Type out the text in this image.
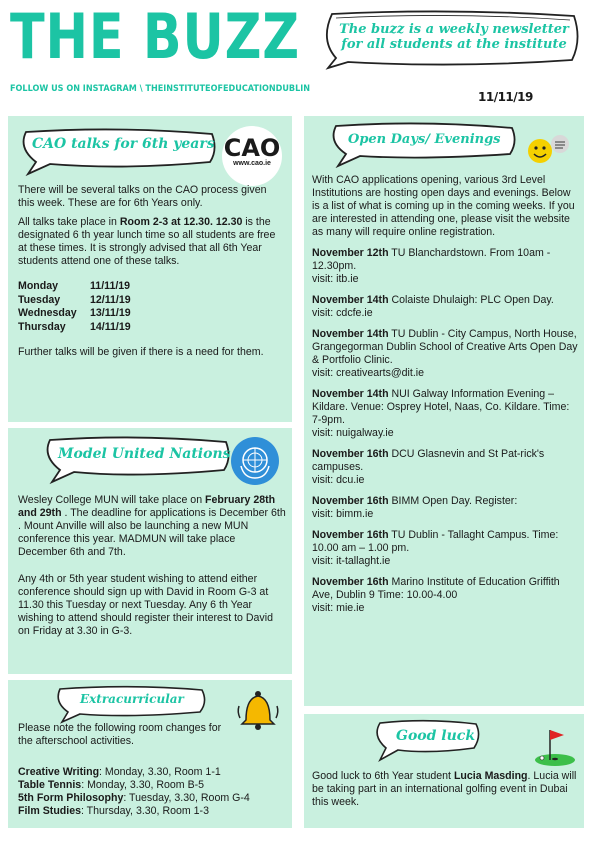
THE BUZZ
FOLLOW US ON INSTAGRAM \ THEINSTITUTEOFEDUCATIONDUBLIN
The buzz is a weekly newsletter for all students at the institute
11/11/19
CAO talks for 6th years CAO
www.cao.ie

There will be several talks on the CAO process given this week. These are for 6th Years only.

All talks take place in Room 2-3 at 12.30. 12.30 is the designated 6 th year lunch time so all students are free at these times. It is strongly advised that all 6th Year students attend one of these talks.

Monday	11/11/19
Tuesday	12/11/19
Wednesday	13/11/19
Thursday	14/11/19

Further talks will be given if there is a need for them.

Model United Nations

Wesley College MUN will take place on February 28th and 29th . The deadline for applications is December 6th . Mount Anville will also be launching a new MUN conference this year. MADMUN will take place December 6th and 7th.

Any 4th or 5th year student wishing to attend either conference should sign up with David in Room G-3 at 11.30 this Tuesday or next Tuesday. Any 6 th Year wishing to attend should register their interest to David on Friday at 3.30 in G-3.

Extracurricular
Please note the following room changes for the afterschool activities.
Creative Writing: Monday, 3.30, Room 1-1
Table Tennis: Monday, 3.30, Room B-5
5th Form Philosophy: Tuesday, 3.30, Room G-4
Film Studies: Thursday, 3.30, Room 1-3
Open Days/ Evenings

With CAO applications opening, various 3rd Level Institutions are hosting open days and evenings. Below is a list of what is coming up in the coming weeks. If you are interested in attending one, please visit the website as many will require online registration.

November 12th TU Blanchardstown. From 10am - 12.30pm.
visit: itb.ie
November 14th Colaiste Dhulaigh: PLC Open Day.
visit: cdcfe.ie
November 14th TU Dublin - City Campus, North House, Grangegorman Dublin School of Creative Arts Open Day & Portfolio Clinic.
visit: creativearts@dit.ie
November 14th NUI Galway Information Evening – Kildare. Venue: Osprey Hotel, Naas, Co. Kildare. Time: 7-9pm.
visit: nuigalway.ie
November 16th DCU Glasnevin and St Pat-rick's campuses.
visit: dcu.ie
November 16th BIMM Open Day. Register:
visit: bimm.ie
November 16th TU Dublin - Tallaght Campus. Time: 10.00 am – 1.00 pm.
visit: it-tallaght.ie
November 16th Marino Institute of Education Griffith Ave, Dublin 9 Time: 10.00-4.00
visit: mie.ie
Good luck
Good luck to 6th Year student Lucia Masding. Lucia will be taking part in an international golfing event in Dubai this week.
